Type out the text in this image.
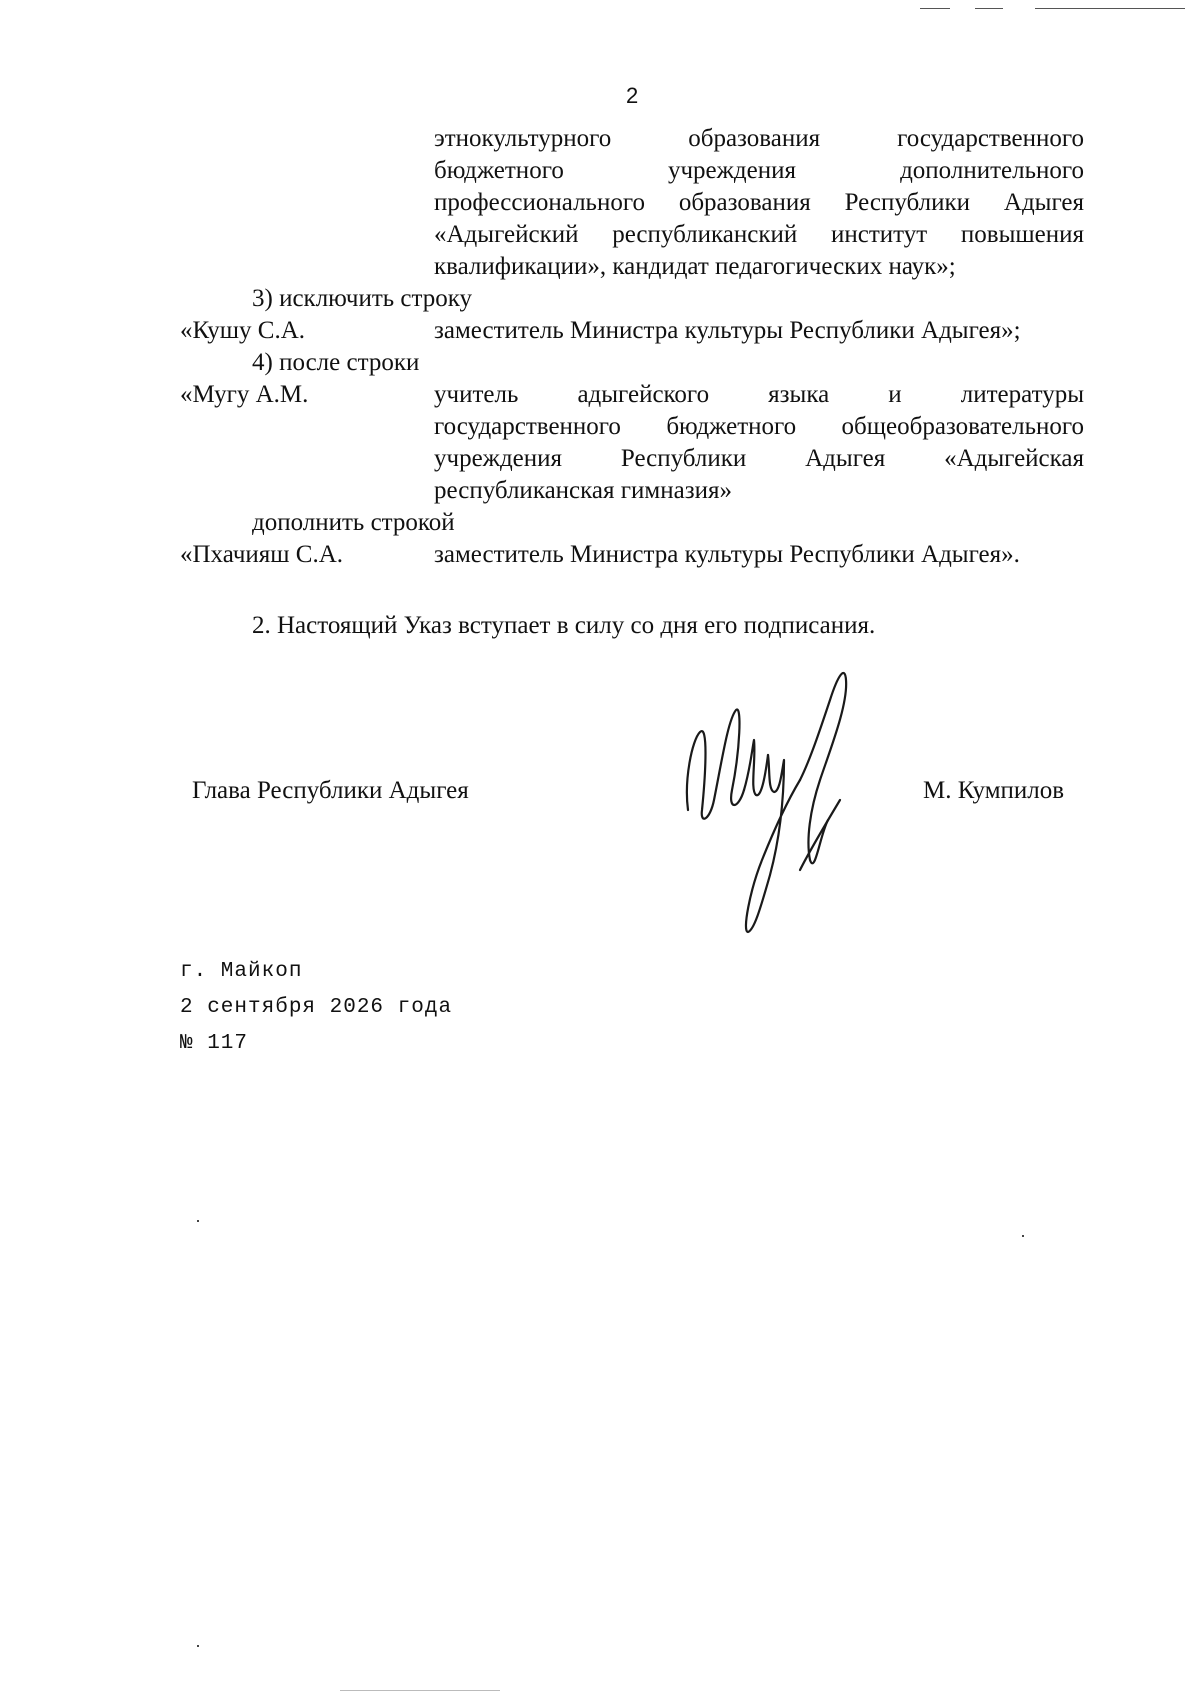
2
этнокультурного образования государственного
бюджетного учреждения дополнительного
профессионального образования Республики Адыгея
«Адыгейский республиканский институт повышения
квалификации», кандидат педагогических наук»;
3) исключить строку
«Кушу С.А.	заместитель Министра культуры Республики Адыгея»;
4) после строки
«Мугу А.М.	учитель адыгейского языка и литературы
государственного бюджетного общеобразовательного
учреждения Республики Адыгея «Адыгейская
республиканская гимназия»
дополнить строкой
«Пхачияш С.А.	заместитель Министра культуры Республики Адыгея».
2. Настоящий Указ вступает в силу со дня его подписания.
Глава Республики Адыгея	М. Кумпилов
г. Майкоп
2 сентября 2026 года
№ 117
